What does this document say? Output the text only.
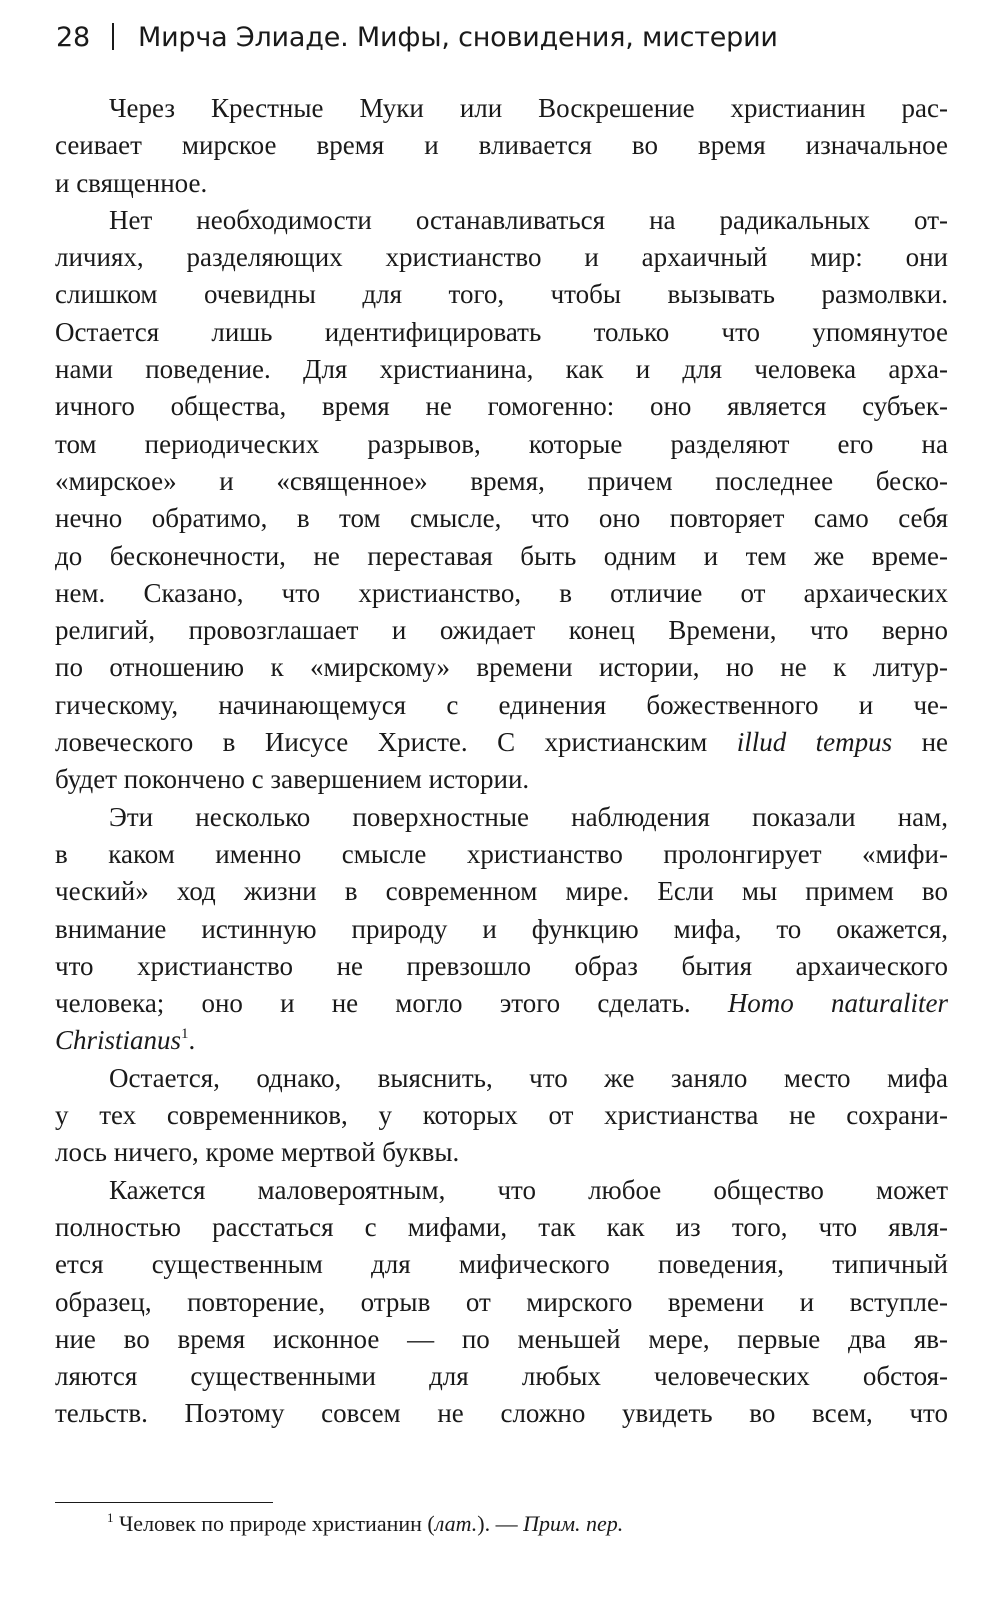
28 Мирча Элиаде. Мифы, сновидения, мистерии
Через Крестные Муки или Воскрешение христианин рас-
сеивает мирское время и вливается во время изначальное
и священное.
Нет необходимости останавливаться на радикальных от-
личиях, разделяющих христианство и архаичный мир: они
слишком очевидны для того, чтобы вызывать размолвки.
Остается лишь идентифицировать только что упомянутое
нами поведение. Для христианина, как и для человека арха-
ичного общества, время не гомогенно: оно является субъек-
том периодических разрывов, которые разделяют его на
«мирское» и «священное» время, причем последнее беско-
нечно обратимо, в том смысле, что оно повторяет само себя
до бесконечности, не переставая быть одним и тем же време-
нем. Сказано, что христианство, в отличие от архаических
религий, провозглашает и ожидает конец Времени, что верно
по отношению к «мирскому» времени истории, но не к литур-
гическому, начинающемуся с единения божественного и че-
ловеческого в Иисусе Христе. С христианским illud tempus не
будет покончено с завершением истории.
Эти несколько поверхностные наблюдения показали нам,
в каком именно смысле христианство пролонгирует «мифи-
ческий» ход жизни в современном мире. Если мы примем во
внимание истинную природу и функцию мифа, то окажется,
что христианство не превзошло образ бытия архаического
человека; оно и не могло этого сделать. Homo naturaliter
Christianus$^1$.
Остается, однако, выяснить, что же заняло место мифа
у тех современников, у которых от христианства не сохрани-
лось ничего, кроме мертвой буквы.
Кажется маловероятным, что любое общество может
полностью расстаться с мифами, так как из того, что явля-
ется существенным для мифического поведения, типичный
образец, повторение, отрыв от мирского времени и вступле-
ние во время исконное — по меньшей мере, первые два яв-
ляются существенными для любых человеческих обстоя-
тельств. Поэтому совсем не сложно увидеть во всем, что
$^1$ Человек по природе христианин (лат.). — Прим. пер.
